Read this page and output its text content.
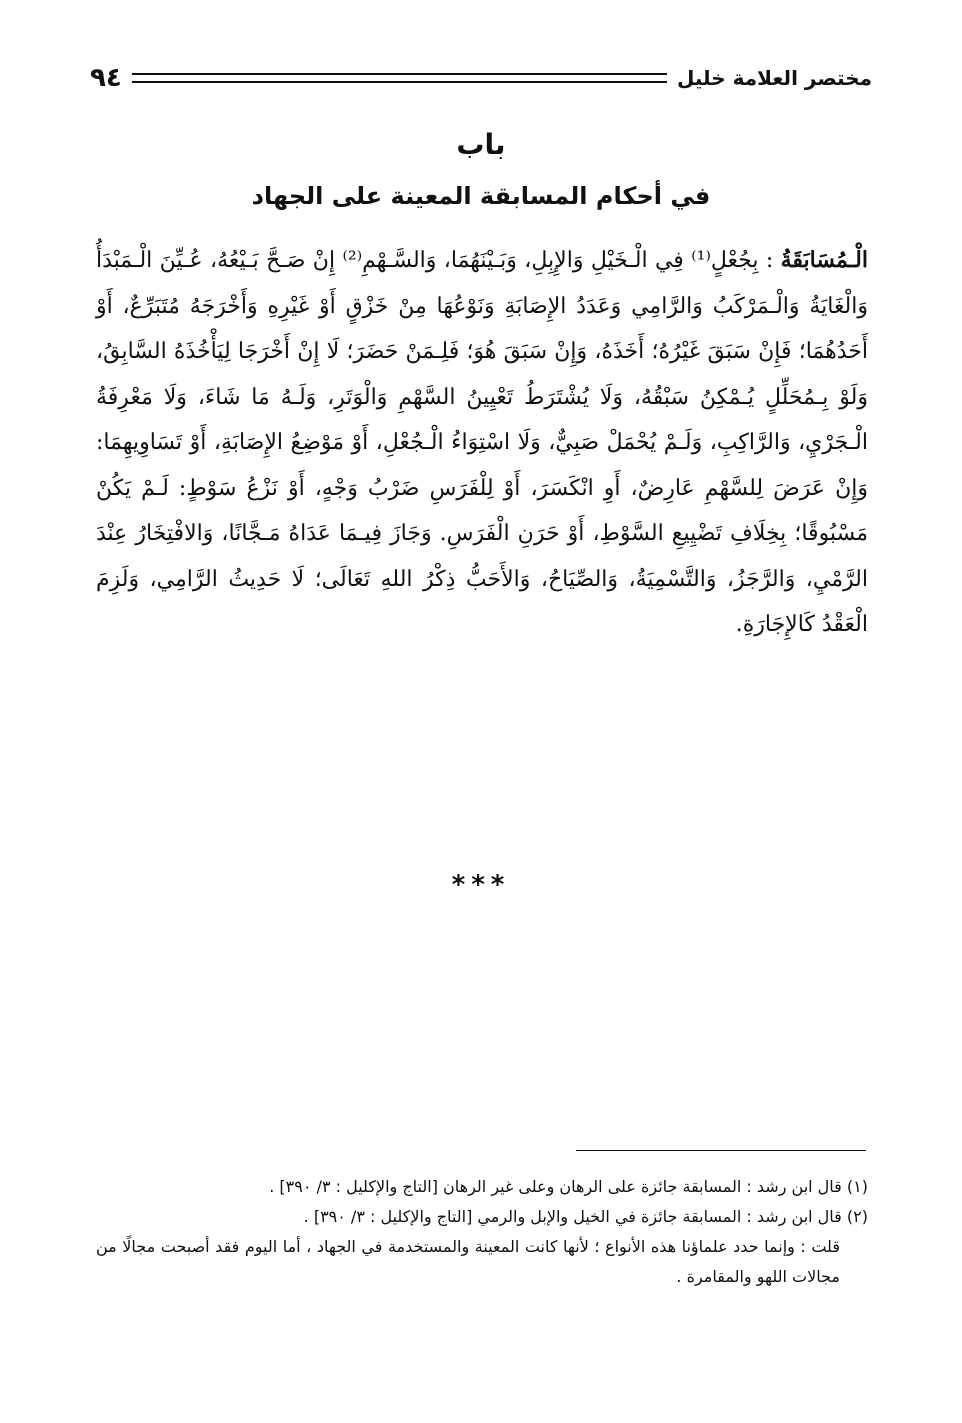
٩٤	مختصر العلامة خليل
باب
في أحكام المسابقة المعينة على الجهاد
الْـمُسَابَقَةُ : بِجُعْلٍ⁽¹⁾ فِي الْـخَيْلِ وَالإِبِلِ، وَبَـيْنَهُمَا، وَالسَّـهْمِ⁽²⁾ إِنْ صَـحَّ بَـيْعُهُ، عُـيِّنَ الْـمَبْدَأُ وَالْغَايَةُ وَالْـمَرْكَبُ وَالرَّامِي وَعَدَدُ الإِصَابَةِ وَنَوْعُهَا مِنْ خَزْقٍ أَوْ غَيْرِهِ وَأَخْرَجَهُ مُتَبَرِّعٌ، أَوْ أَحَدُهُمَا؛ فَإِنْ سَبَقَ غَيْرُهُ؛ أَخَذَهُ، وَإِنْ سَبَقَ هُوَ؛ فَلِـمَنْ حَضَرَ؛ لَا إِنْ أَخْرَجَا لِيَأْخُذَهُ السَّابِقُ، وَلَوْ بِـمُحَلِّلٍ يُـمْكِنُ سَبْقُهُ، وَلَا يُشْتَرَطُ تَعْيِينُ السَّهْمِ وَالْوَتَرِ، وَلَـهُ مَا شَاءَ، وَلَا مَعْرِفَةُ الْـجَرْيِ، وَالرَّاكِبِ، وَلَـمْ يُحْمَلْ صَبِيٌّ، وَلَا اسْتِوَاءُ الْـجُعْلِ، أَوْ مَوْضِعُ الإِصَابَةِ، أَوْ تَسَاوِيهِمَا: وَإِنْ عَرَضَ لِلسَّهْمِ عَارِضٌ، أَوِ انْكَسَرَ، أَوْ لِلْفَرَسِ ضَرْبُ وَجْهٍ، أَوْ نَزْعُ سَوْطٍ: لَـمْ يَكُنْ مَسْبُوقًا؛ بِخِلَافِ تَضْيِيعِ السَّوْطِ، أَوْ حَرَنِ الْفَرَسِ. وَجَازَ فِيـمَا عَدَاهُ مَـجَّانًا، وَالافْتِخَارُ عِنْدَ الرَّمْيِ، وَالرَّجَزُ، وَالتَّسْمِيَةُ، وَالصِّيَاحُ، وَالأَحَبُّ ذِكْرُ اللهِ تَعَالَى؛ لَا حَدِيثُ الرَّامِي، وَلَزِمَ الْعَقْدُ كَالإِجَارَةِ.
***

(١) قال ابن رشد : المسابقة جائزة على الرهان وعلى غير الرهان [التاج والإكليل : ٣/ ٣٩٠] .

(٢) قال ابن رشد : المسابقة جائزة في الخيل والإبل والرمي [التاج والإكليل : ٣/ ٣٩٠] .

قلت : وإنما حدد علماؤنا هذه الأنواع ؛ لأنها كانت المعينة والمستخدمة في الجهاد ، أما اليوم فقد أصبحت مجالًا من مجالات اللهو والمقامرة .
